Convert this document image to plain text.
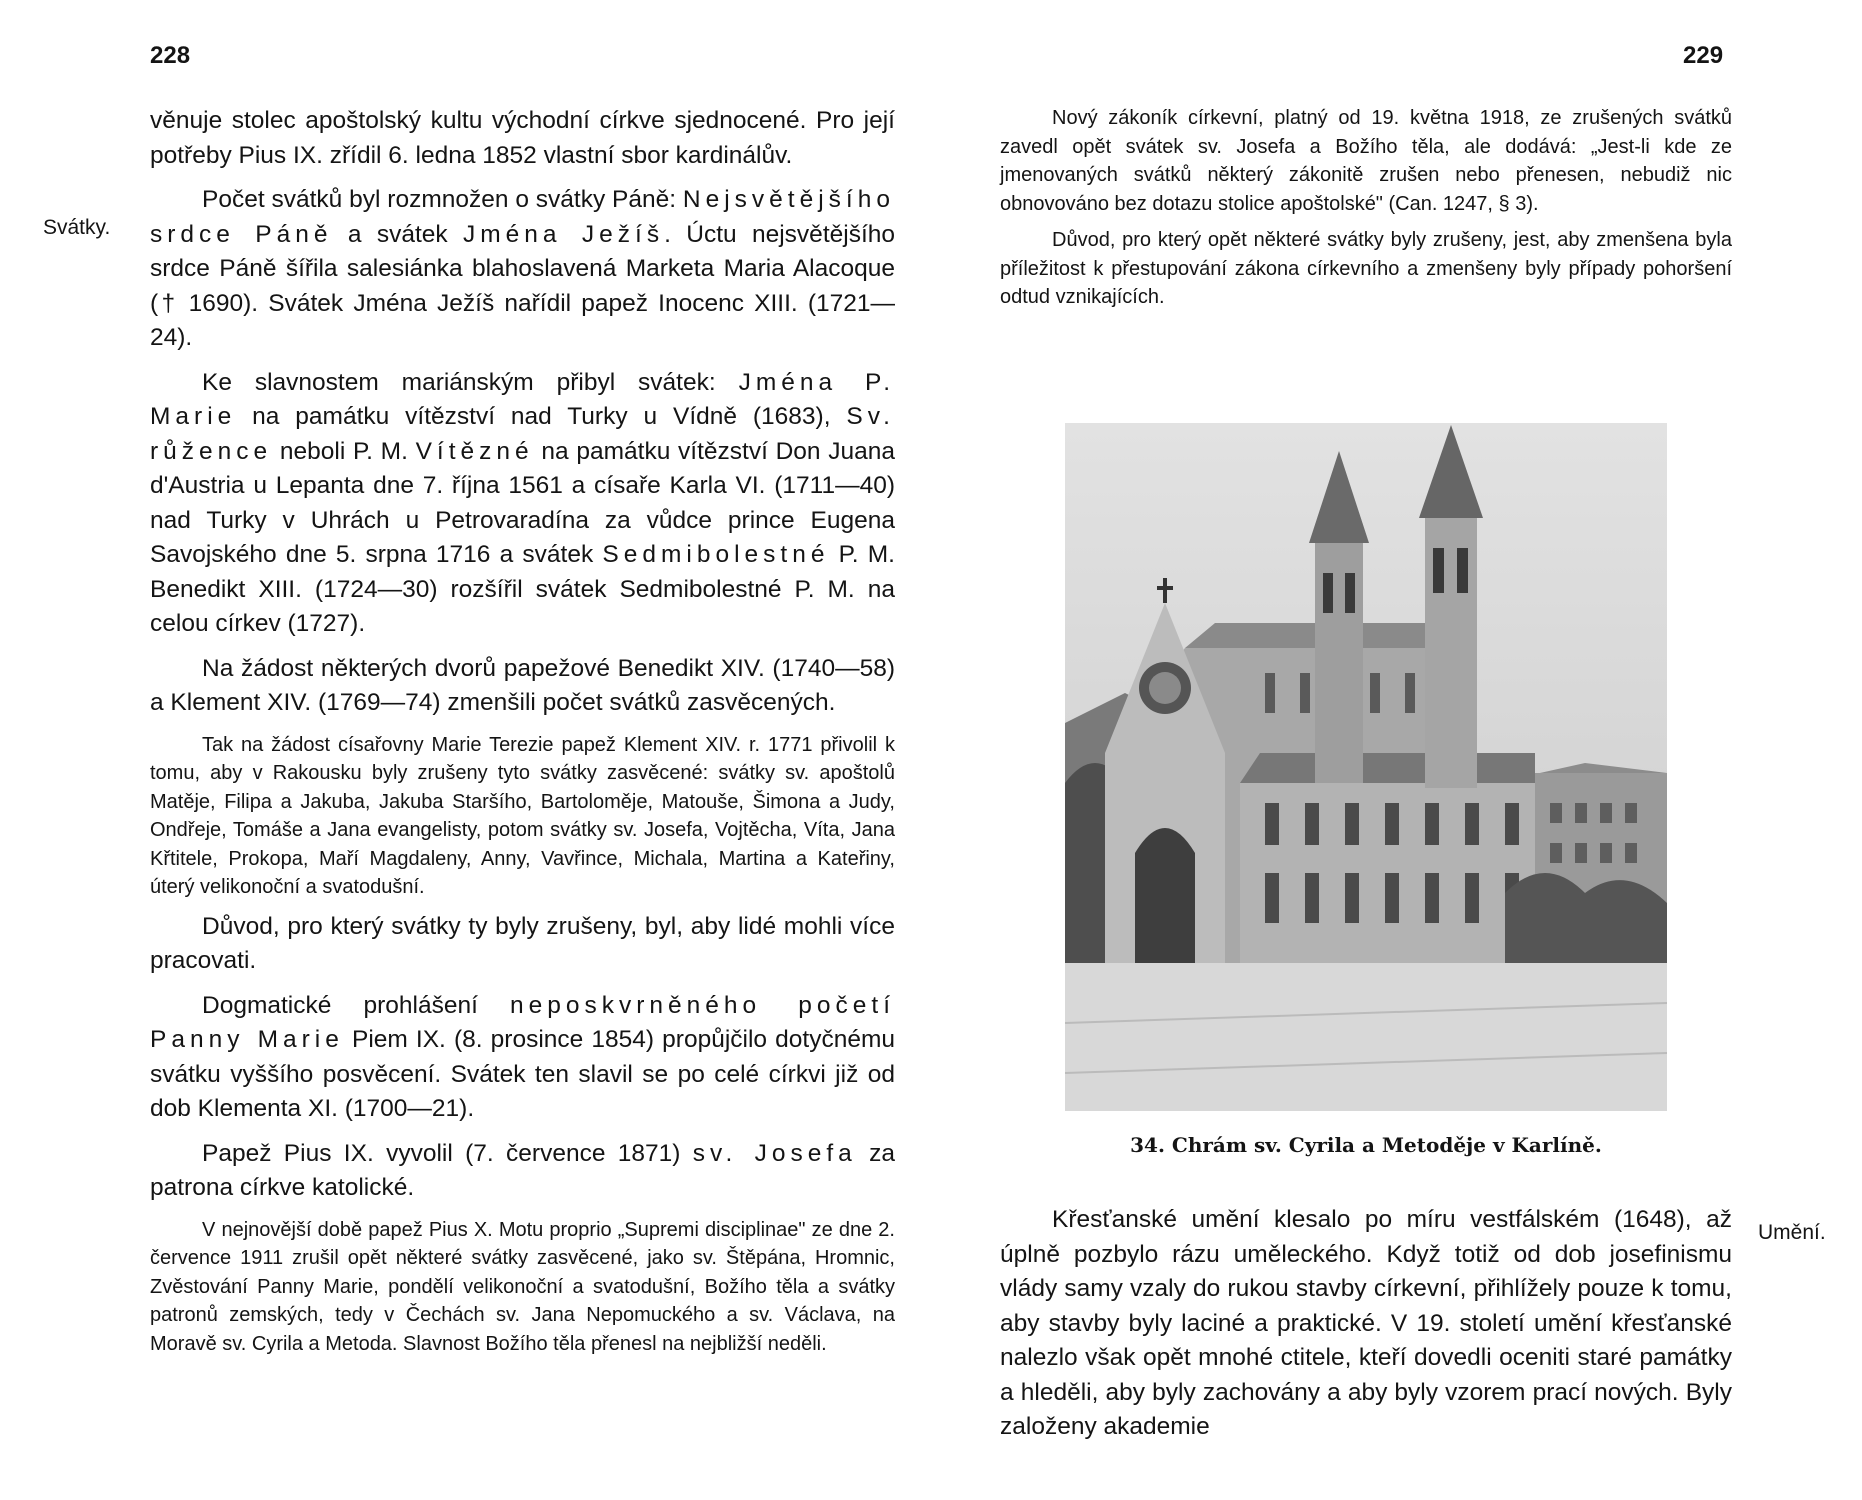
228
Svátky.

věnuje stolec apoštolský kultu východní církve sjednocené. Pro její potřeby Pius IX. zřídil 6. ledna 1852 vlastní sbor kardinálův.

Počet svátků byl rozmnožen o svátky Páně: Nejsvětějšího srdce Páně a svátek Jména Ježíš. Úctu nejsvětějšího srdce Páně šířila salesiánka blahoslavená Marketa Maria Alacoque († 1690). Svátek Jména Ježíš nařídil papež Inocenc XIII. (1721—24).

Ke slavnostem mariánským přibyl svátek: Jména P. Marie na památku vítězství nad Turky u Vídně (1683), Sv. růžence neboli P. M. Vítězné na památku vítězství Don Juana d'Austria u Lepanta dne 7. října 1561 a císaře Karla VI. (1711—40) nad Turky v Uhrách u Petrovaradína za vůdce prince Eugena Savojského dne 5. srpna 1716 a svátek Sedmibolestné P. M. Benedikt XIII. (1724—30) rozšířil svátek Sedmibolestné P. M. na celou církev (1727).

Na žádost některých dvorů papežové Benedikt XIV. (1740—58) a Klement XIV. (1769—74) zmenšili počet svátků zasvěcených.

Tak na žádost císařovny Marie Terezie papež Klement XIV. r. 1771 přivolil k tomu, aby v Rakousku byly zrušeny tyto svátky zasvěcené: svátky sv. apoštolů Matěje, Filipa a Jakuba, Jakuba Staršího, Bartoloměje, Matouše, Šimona a Judy, Ondřeje, Tomáše a Jana evangelisty, potom svátky sv. Josefa, Vojtěcha, Víta, Jana Křtitele, Prokopa, Maří Magdaleny, Anny, Vavřince, Michala, Martina a Kateřiny, úterý velikonoční a svatodušní.

Důvod, pro který svátky ty byly zrušeny, byl, aby lidé mohli více pracovati.

Dogmatické prohlášení neposkvrněného početí Panny Marie Piem IX. (8. prosince 1854) propůjčilo dotyčnému svátku vyššího posvěcení. Svátek ten slavil se po celé církvi již od dob Klementa XI. (1700—21).

Papež Pius IX. vyvolil (7. července 1871) sv. Josefa za patrona církve katolické.

V nejnovější době papež Pius X. Motu proprio „Supremi disciplinae" ze dne 2. července 1911 zrušil opět některé svátky zasvěcené, jako sv. Štěpána, Hromnic, Zvěstování Panny Marie, pondělí velikonoční a svatodušní, Božího těla a svátky patronů zemských, tedy v Čechách sv. Jana Nepomuckého a sv. Václava, na Moravě sv. Cyrila a Metoda. Slavnost Božího těla přenesl na nejbližší neděli.

229

Nový zákoník církevní, platný od 19. května 1918, ze zrušených svátků zavedl opět svátek sv. Josefa a Božího těla, ale dodává: „Jest-li kde ze jmenovaných svátků některý zákonitě zrušen nebo přenesen, nebudiž nic obnovováno bez dotazu stolice apoštolské" (Can. 1247, § 3).

Důvod, pro který opět některé svátky byly zrušeny, jest, aby zmenšena byla příležitost k přestupování zákona církevního a zmenšeny byly případy pohoršení odtud vznikajících.

34. Chrám sv. Cyrila a Metoděje v Karlíně.
Umění.

Křesťanské umění klesalo po míru vestfálském (1648), až úplně pozbylo rázu uměleckého. Když totiž od dob josefinismu vlády samy vzaly do rukou stavby církevní, přihlížely pouze k tomu, aby stavby byly laciné a praktické. V 19. století umění křesťanské nalezlo však opět mnohé ctitele, kteří dovedli oceniti staré památky a hleděli, aby byly zachovány a aby byly vzorem prací nových. Byly založeny akademie
